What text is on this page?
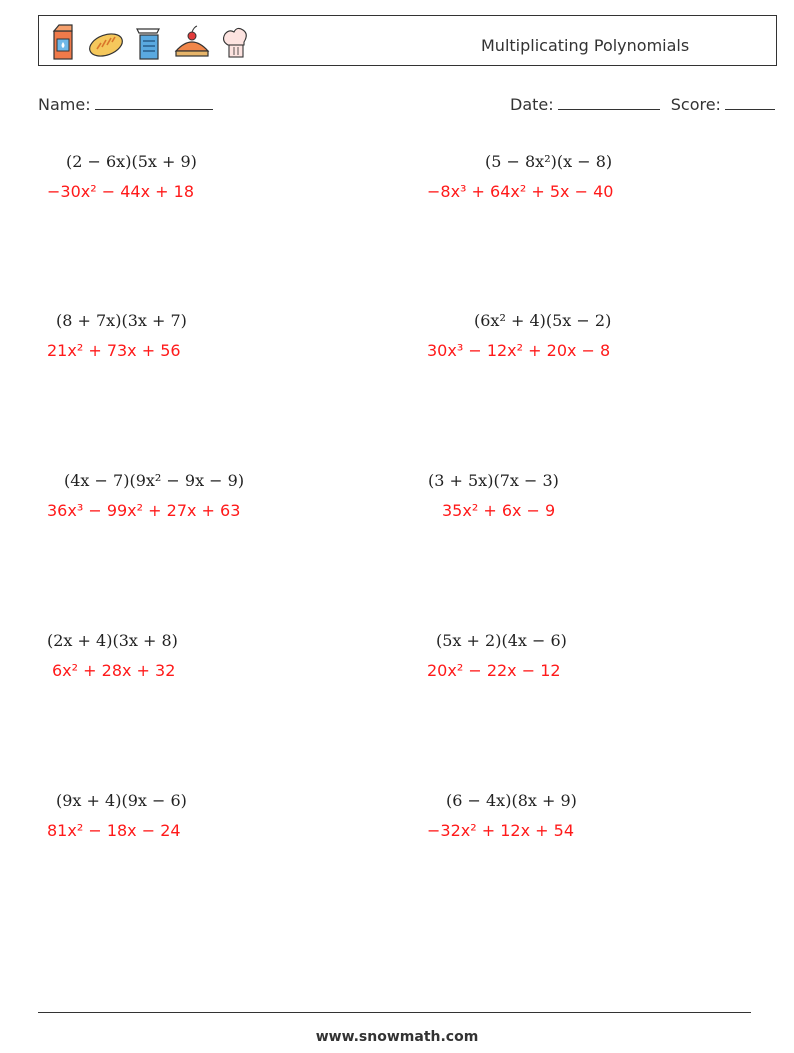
Multiplicating Polynomials
Name:	Date:	Score:
(2 − 6x)(5x + 9)
−30x² − 44x + 18
(5 − 8x²)(x − 8)
−8x³ + 64x² + 5x − 40
(8 + 7x)(3x + 7)
21x² + 73x + 56
(6x² + 4)(5x − 2)
30x³ − 12x² + 20x − 8
(4x − 7)(9x² − 9x − 9)
36x³ − 99x² + 27x + 63
(3 + 5x)(7x − 3)
35x² + 6x − 9
(2x + 4)(3x + 8)
6x² + 28x + 32
(5x + 2)(4x − 6)
20x² − 22x − 12
(9x + 4)(9x − 6)
81x² − 18x − 24
(6 − 4x)(8x + 9)
−32x² + 12x + 54
www.snowmath.com
